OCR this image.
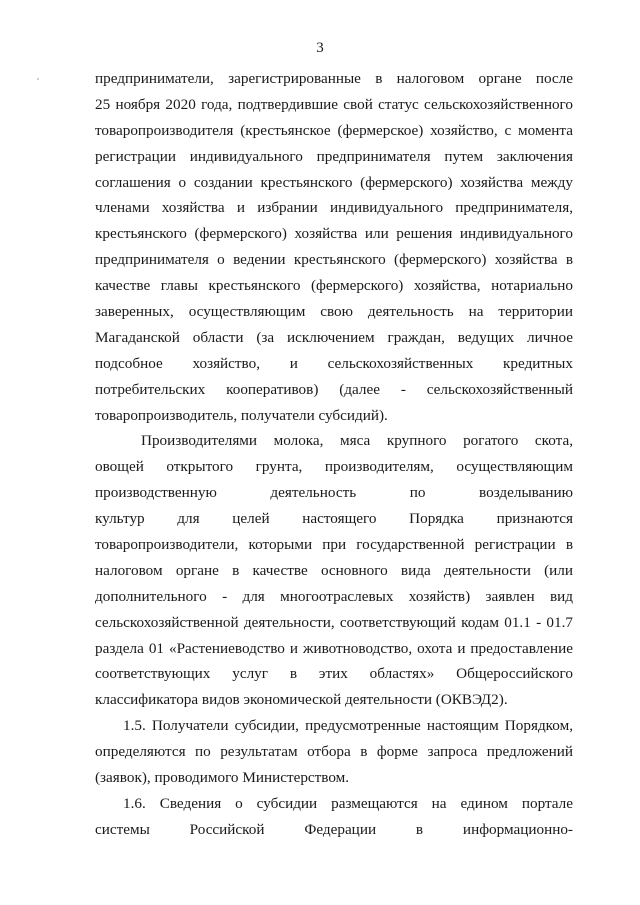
3
предприниматели, зарегистрированные в налоговом органе после
25 ноября 2020 года, подтвердившие свой статус сельскохозяйственного
товаропроизводителя (крестьянское (фермерское) хозяйство, с момента
регистрации индивидуального предпринимателя путем заключения
соглашения о создании крестьянского (фермерского) хозяйства между
членами хозяйства и избрании индивидуального предпринимателя,
крестьянского (фермерского) хозяйства или решения индивидуального
предпринимателя о ведении крестьянского (фермерского) хозяйства в
качестве главы крестьянского (фермерского) хозяйства, нотариально
заверенных, осуществляющим свою деятельность на территории
Магаданской области (за исключением граждан, ведущих личное
подсобное хозяйство, и сельскохозяйственных кредитных
потребительских кооперативов) (далее - сельскохозяйственный
товаропроизводитель, получатели субсидий).
Производителями молока, мяса крупного рогатого скота,
овощей открытого грунта, производителям, осуществляющим
производственную деятельность по возделыванию
культур для целей настоящего Порядка признаются
товаропроизводители, которыми при государственной регистрации в
налоговом органе в качестве основного вида деятельности (или
дополнительного - для многоотраслевых хозяйств) заявлен вид
сельскохозяйственной деятельности, соответствующий кодам 01.1 - 01.7
раздела 01 «Растениеводство и животноводство, охота и предоставление
соответствующих услуг в этих областях» Общероссийского
классификатора видов экономической деятельности (ОКВЭД2).
1.5. Получатели субсидии, предусмотренные настоящим Порядком,
определяются по результатам отбора в форме запроса предложений
(заявок), проводимого Министерством.
1.6. Сведения о субсидии размещаются на едином портале
системы Российской Федерации в информационно-
